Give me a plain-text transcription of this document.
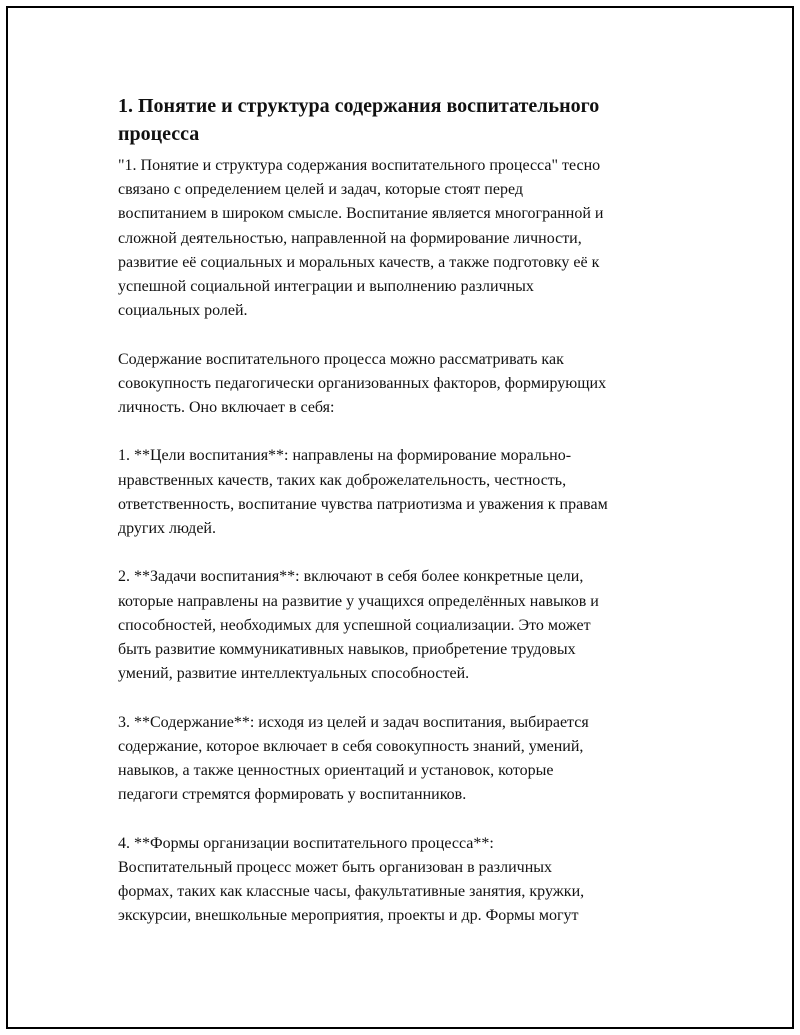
1. Понятие и структура содержания воспитательного
процесса
"1. Понятие и структура содержания воспитательного процесса" тесно
связано с определением целей и задач, которые стоят перед
воспитанием в широком смысле. Воспитание является многогранной и
сложной деятельностью, направленной на формирование личности,
развитие её социальных и моральных качеств, а также подготовку её к
успешной социальной интеграции и выполнению различных
социальных ролей.
Содержание воспитательного процесса можно рассматривать как
совокупность педагогически организованных факторов, формирующих
личность. Оно включает в себя:
1. **Цели воспитания**: направлены на формирование морально-
нравственных качеств, таких как доброжелательность, честность,
ответственность, воспитание чувства патриотизма и уважения к правам
других людей.
2. **Задачи воспитания**: включают в себя более конкретные цели,
которые направлены на развитие у учащихся определённых навыков и
способностей, необходимых для успешной социализации. Это может
быть развитие коммуникативных навыков, приобретение трудовых
умений, развитие интеллектуальных способностей.
3. **Содержание**: исходя из целей и задач воспитания, выбирается
содержание, которое включает в себя совокупность знаний, умений,
навыков, а также ценностных ориентаций и установок, которые
педагоги стремятся формировать у воспитанников.
4. **Формы организации воспитательного процесса**:
Воспитательный процесс может быть организован в различных
формах, таких как классные часы, факультативные занятия, кружки,
экскурсии, внешкольные мероприятия, проекты и др. Формы могут
